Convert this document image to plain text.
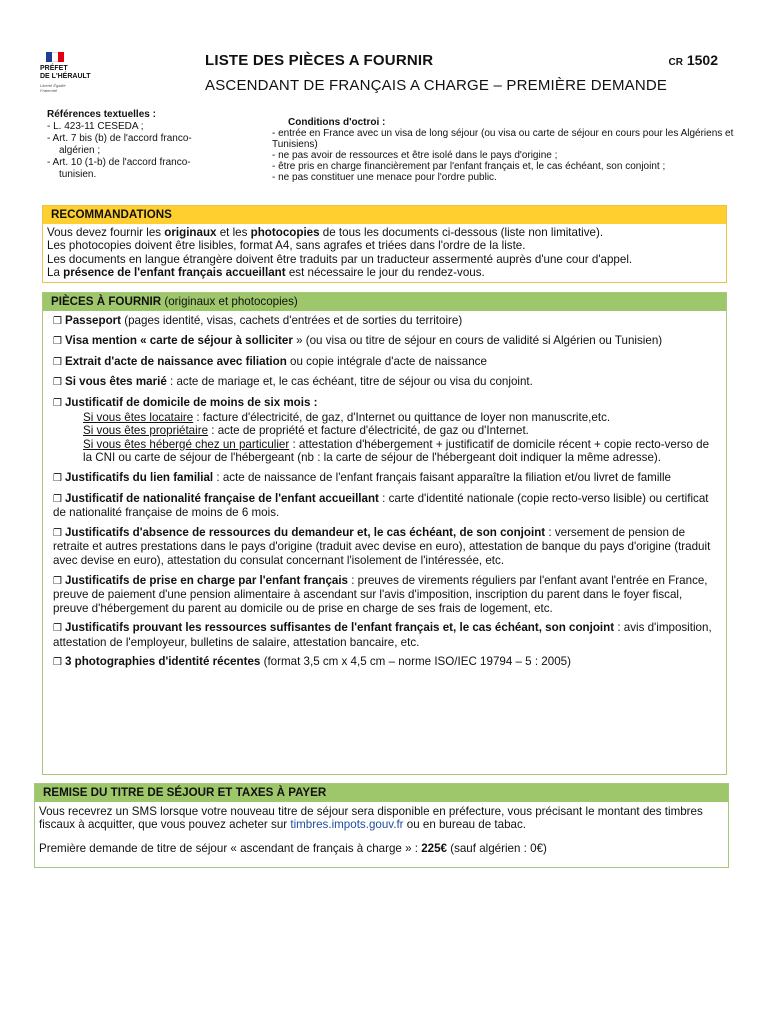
PRÉFET
DE L'HÉRAULT
Liberté Égalité Fraternité
LISTE DES PIÈCES A FOURNIR
ASCENDANT DE FRANÇAIS A CHARGE – PREMIÈRE DEMANDE
CR 1502
Références textuelles :
- L. 423-11 CESEDA ;
- Art. 7 bis (b) de l'accord franco-
algérien ;
- Art. 10 (1-b) de l'accord franco-
tunisien.
Conditions d'octroi :
- entrée en France avec un visa de long séjour (ou visa ou carte de séjour en cours pour les Algériens et Tunisiens)
- ne pas avoir de ressources et être isolé dans le pays d'origine ;
- être pris en charge financièrement par l'enfant français et, le cas échéant, son conjoint ;
- ne pas constituer une menace pour l'ordre public.
RECOMMANDATIONS
Vous devez fournir les originaux et les photocopies de tous les documents ci-dessous (liste non limitative).
Les photocopies doivent être lisibles, format A4, sans agrafes et triées dans l'ordre de la liste.
Les documents en langue étrangère doivent être traduits par un traducteur assermenté auprès d'une cour d'appel.
La présence de l'enfant français accueillant est nécessaire le jour du rendez-vous.
PIÈCES À FOURNIR (originaux et photocopies)
❒ Passeport (pages identité, visas, cachets d'entrées et de sorties du territoire)
❒ Visa mention « carte de séjour à solliciter » (ou visa ou titre de séjour en cours de validité si Algérien ou Tunisien)
❒ Extrait d'acte de naissance avec filiation ou copie intégrale d'acte de naissance
❒ Si vous êtes marié : acte de mariage et, le cas échéant, titre de séjour ou visa du conjoint.
❒ Justificatif de domicile de moins de six mois :
Si vous êtes locataire : facture d'électricité, de gaz, d'Internet ou quittance de loyer non manuscrite,etc.
Si vous êtes propriétaire : acte de propriété et facture d'électricité, de gaz ou d'Internet.
Si vous êtes hébergé chez un particulier : attestation d'hébergement + justificatif de domicile récent + copie recto-verso de la CNI ou carte de séjour de l'hébergeant (nb : la carte de séjour de l'hébergeant doit indiquer la même adresse).
❒ Justificatifs du lien familial : acte de naissance de l'enfant français faisant apparaître la filiation et/ou livret de famille
❒ Justificatif de nationalité française de l'enfant accueillant : carte d'identité nationale (copie recto-verso lisible) ou certificat de nationalité française de moins de 6 mois.
❒ Justificatifs d'absence de ressources du demandeur et, le cas échéant, de son conjoint : versement de pension de retraite et autres prestations dans le pays d'origine (traduit avec devise en euro), attestation de banque du pays d'origine (traduit avec devise en euro), attestation du consulat concernant l'isolement de l'intéressée, etc.
❒ Justificatifs de prise en charge par l'enfant français : preuves de virements réguliers par l'enfant avant l'entrée en France, preuve de paiement d'une pension alimentaire à ascendant sur l'avis d'imposition, inscription du parent dans le foyer fiscal, preuve d'hébergement du parent au domicile ou de prise en charge de ses frais de logement, etc.
❒ Justificatifs prouvant les ressources suffisantes de l'enfant français et, le cas échéant, son conjoint : avis d'imposition, attestation de l'employeur, bulletins de salaire, attestation bancaire, etc.
❒ 3 photographies d'identité récentes (format 3,5 cm x 4,5 cm – norme ISO/IEC 19794 – 5 : 2005)
REMISE DU TITRE DE SÉJOUR ET TAXES À PAYER
Vous recevrez un SMS lorsque votre nouveau titre de séjour sera disponible en préfecture, vous précisant le montant des timbres fiscaux à acquitter, que vous pouvez acheter sur timbres.impots.gouv.fr ou en bureau de tabac.
Première demande de titre de séjour « ascendant de français à charge » : 225€ (sauf algérien : 0€)
